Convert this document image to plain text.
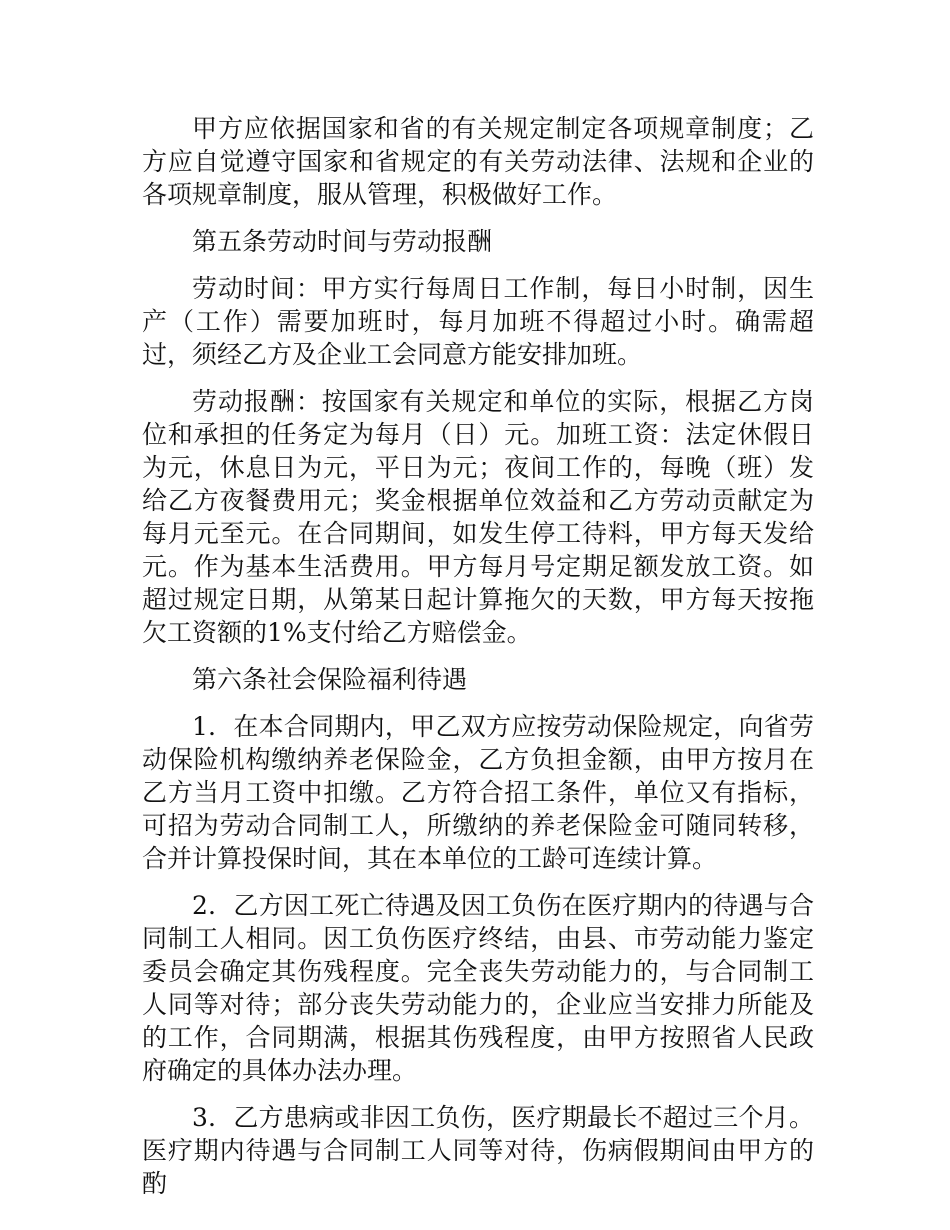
甲方应依据国家和省的有关规定制定各项规章制度；乙方应自觉遵守国家和省规定的有关劳动法律、法规和企业的各项规章制度，服从管理，积极做好工作。

第五条劳动时间与劳动报酬

劳动时间：甲方实行每周日工作制，每日小时制，因生产（工作）需要加班时，每月加班不得超过小时。确需超过，须经乙方及企业工会同意方能安排加班。

劳动报酬：按国家有关规定和单位的实际，根据乙方岗位和承担的任务定为每月（日）元。加班工资：法定休假日为元，休息日为元，平日为元；夜间工作的，每晚（班）发给乙方夜餐费用元；奖金根据单位效益和乙方劳动贡献定为每月元至元。在合同期间，如发生停工待料，甲方每天发给元。作为基本生活费用。甲方每月号定期足额发放工资。如超过规定日期，从第某日起计算拖欠的天数，甲方每天按拖欠工资额的1%支付给乙方赔偿金。

第六条社会保险福利待遇

1．在本合同期内，甲乙双方应按劳动保险规定，向省劳动保险机构缴纳养老保险金，乙方负担金额，由甲方按月在乙方当月工资中扣缴。乙方符合招工条件，单位又有指标，可招为劳动合同制工人，所缴纳的养老保险金可随同转移，合并计算投保时间，其在本单位的工龄可连续计算。

2．乙方因工死亡待遇及因工负伤在医疗期内的待遇与合同制工人相同。因工负伤医疗终结，由县、市劳动能力鉴定委员会确定其伤残程度。完全丧失劳动能力的，与合同制工人同等对待；部分丧失劳动能力的，企业应当安排力所能及的工作，合同期满，根据其伤残程度，由甲方按照省人民政府确定的具体办法办理。

3．乙方患病或非因工负伤，医疗期最长不超过三个月。医疗期内待遇与合同制工人同等对待，伤病假期间由甲方的酌
